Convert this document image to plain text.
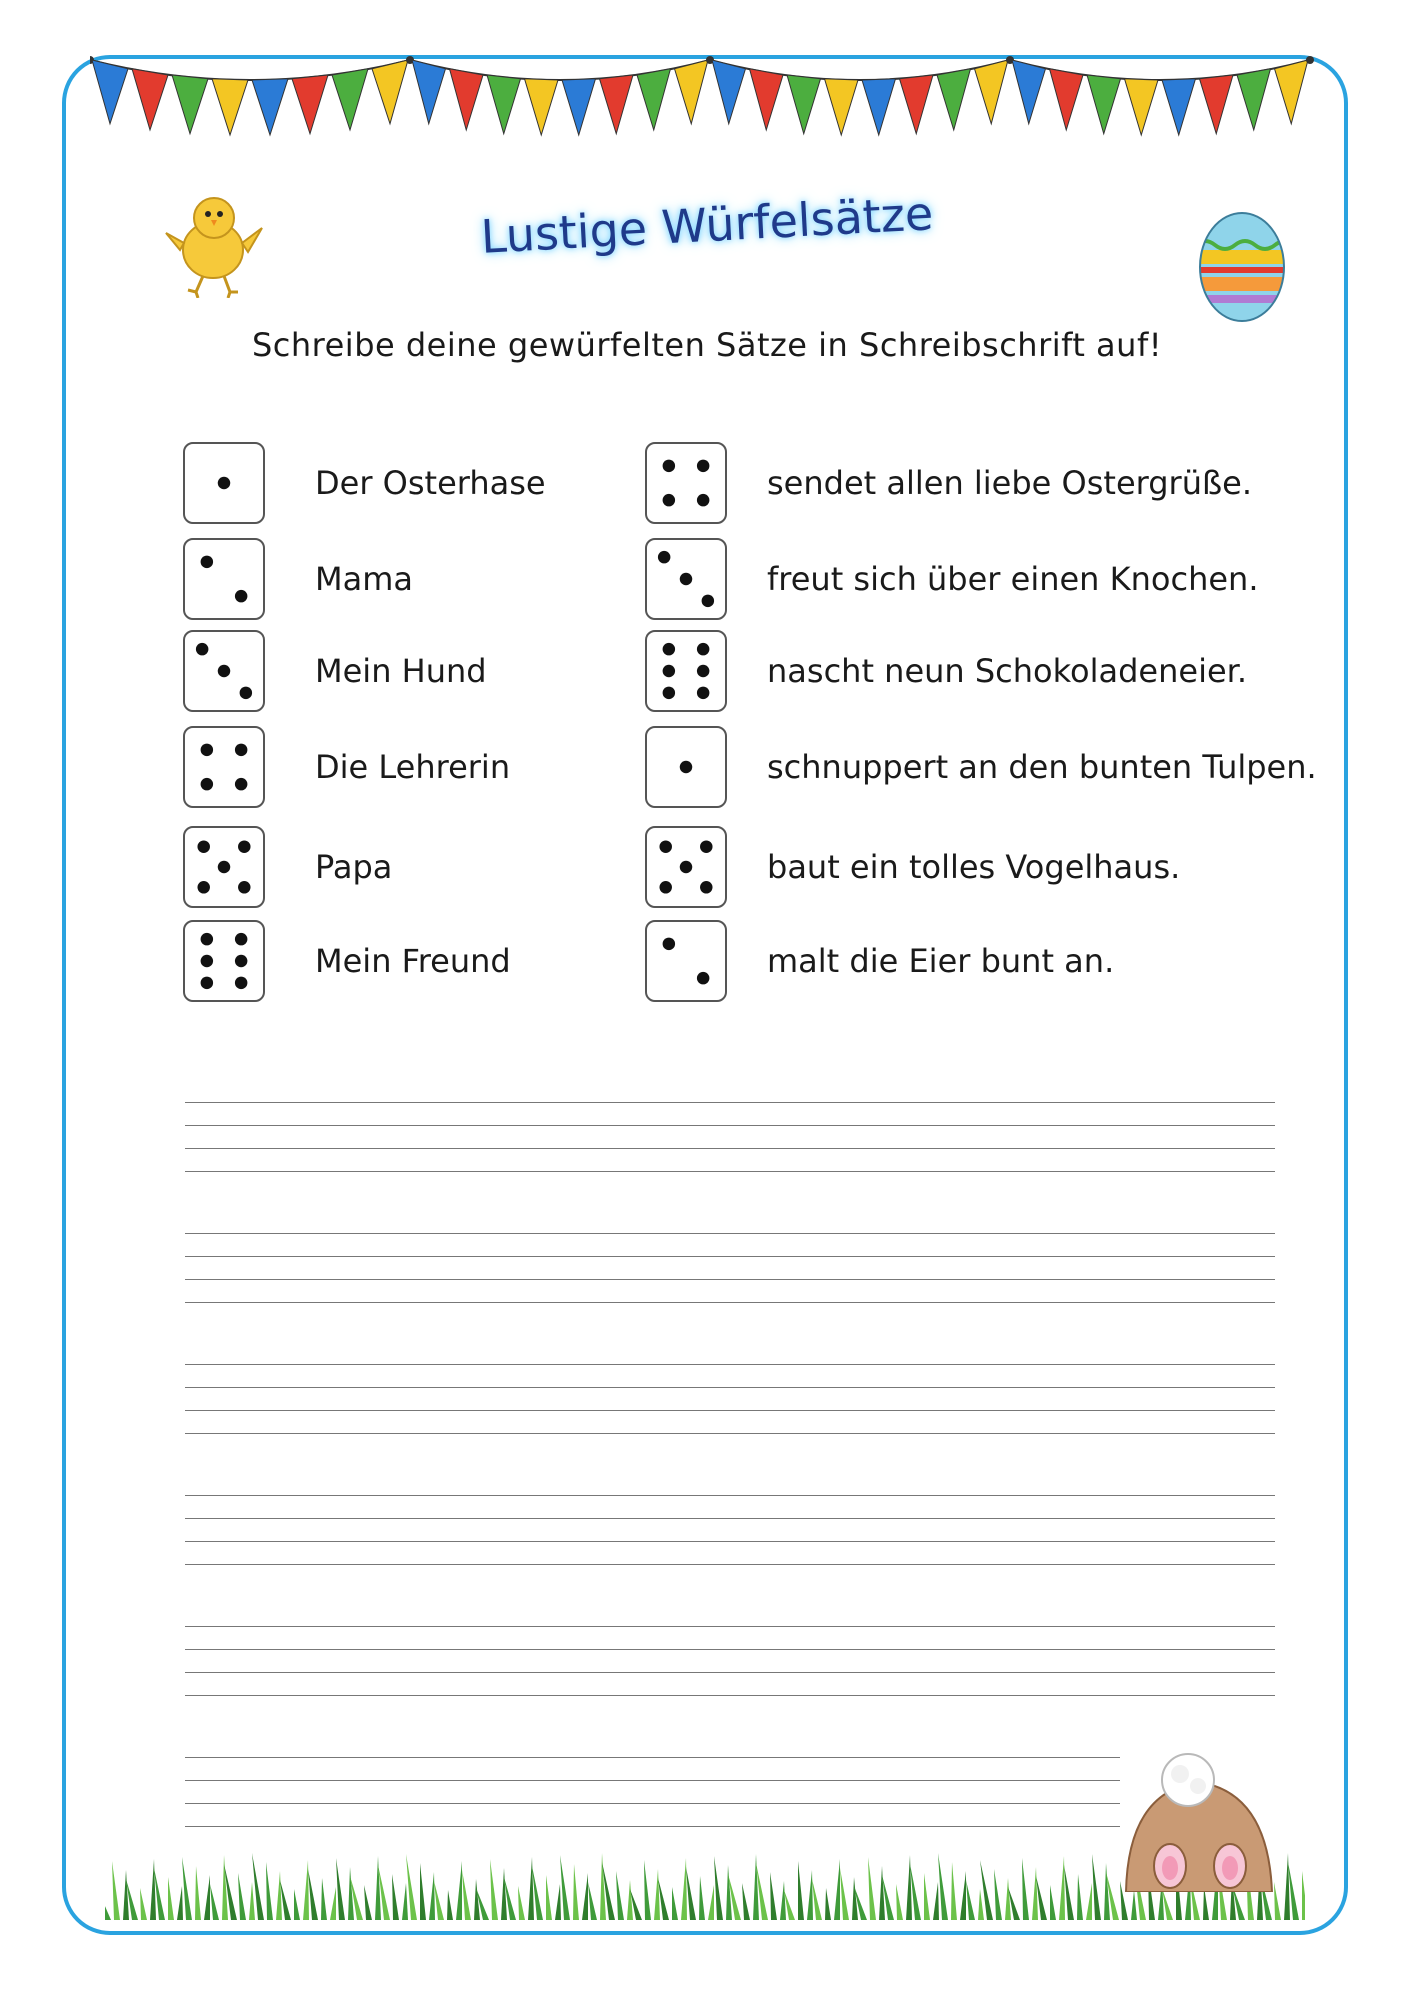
Lustige Würfelsätze
Schreibe deine gewürfelten Sätze in Schreibschrift auf!
Der Osterhase
Mama
Mein Hund
Die Lehrerin
Papa
Mein Freund
sendet allen liebe Ostergrüße.
freut sich über einen Knochen.
nascht neun Schokoladeneier.
schnuppert an den bunten Tulpen.
baut ein tolles Vogelhaus.
malt die Eier bunt an.
